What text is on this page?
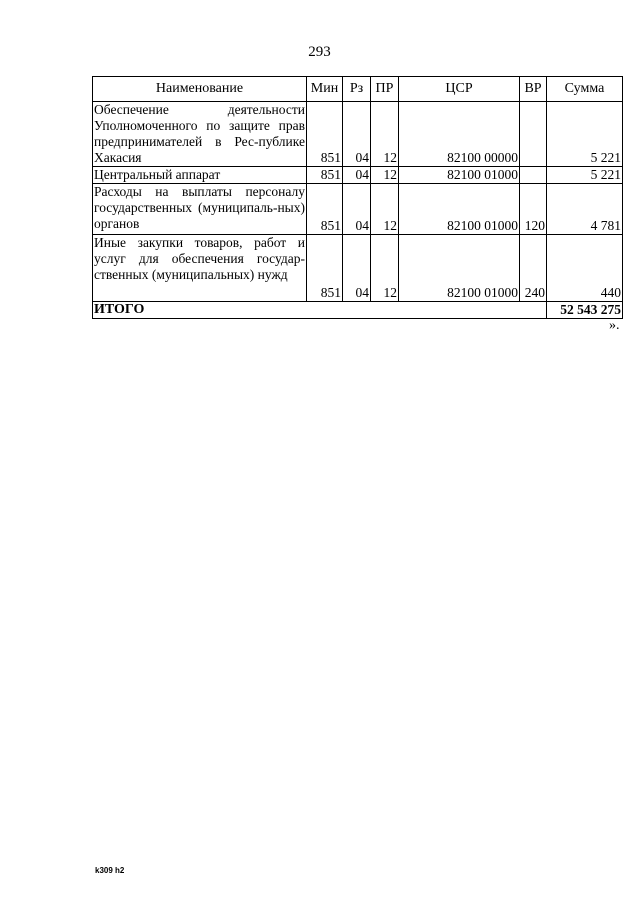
293
Наименование	Мин	Рз	ПР	ЦСР	ВР	Сумма
Обеспечение деятельности Уполномоченного по защите прав предпринимателей в Рес-публике Хакасия	851	04	12	82100 00000		5 221
Центральный аппарат	851	04	12	82100 01000		5 221
Расходы на выплаты персоналу государственных (муниципаль-ных) органов	851	04	12	82100 01000	120	4 781
Иные закупки товаров, работ и услуг для обеспечения государ-ственных (муниципальных) нужд	851	04	12	82100 01000	240	440
ИТОГО						52 543 275
».
k309 h2
